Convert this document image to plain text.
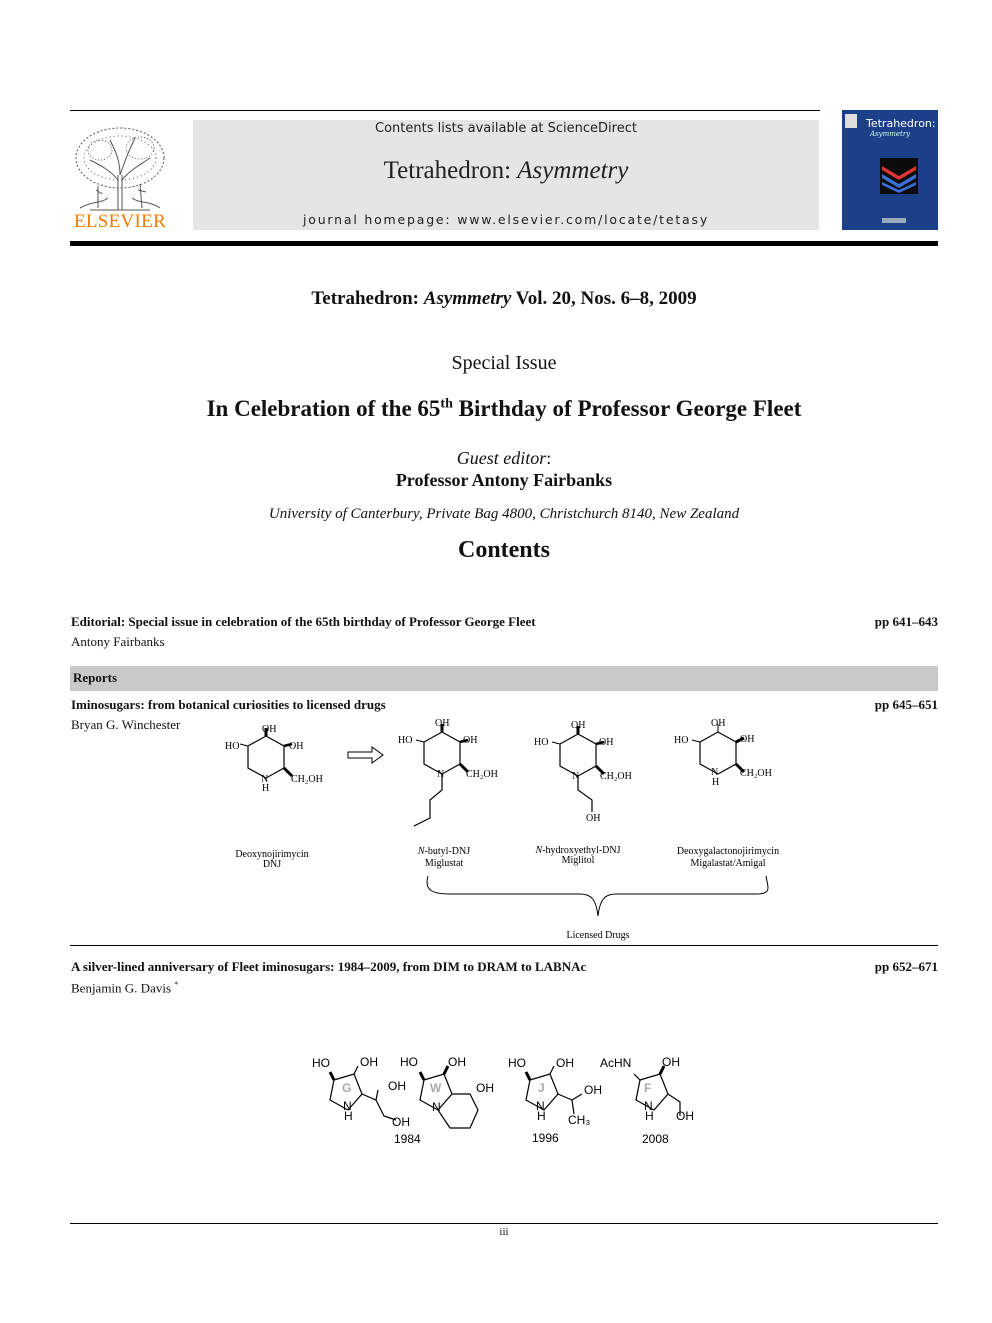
ELSEVIER
Contents lists available at ScienceDirect
Tetrahedron: Asymmetry
journal homepage: www.elsevier.com/locate/tetasy
Tetrahedron:
Asymmetry
Tetrahedron: Asymmetry Vol. 20, Nos. 6–8, 2009
Special Issue
In Celebration of the 65th Birthday of Professor George Fleet
Guest editor:
Professor Antony Fairbanks
University of Canterbury, Private Bag 4800, Christchurch 8140, New Zealand
Contents
Editorial: Special issue in celebration of the 65th birthday of Professor George Fleet	pp 641–643
Antony Fairbanks
Reports
Iminosugars: from botanical curiosities to licensed drugs	pp 645–651
Bryan G. Winchester	OH
HO	OH
N
H
CH₂OH
OH
HO	OH
N CH₂OH
OH
HO	OH
N CH₂OH
OH
OH
HO	OH
N
H
CH₂OH
Deoxynojirimycin
DNJ
N-butyl-DNJ
Miglustat
N-hydroxyethyl-DNJ
Miglitol
Deoxygalactonojirimycin
Migalastat/Amigal
Licensed Drugs
A silver-lined anniversary of Fleet iminosugars: 1984–2009, from DIM to DRAM to LABNAc	pp 652–671
Benjamin G. Davis *
HO	OH
G	OH
N
H	OH
1984
HO	OH
W	OH
N
HO	OH
J	OH
N
H CH₃
1996
AcHN	OH
F
N
H OH
2008
iii
